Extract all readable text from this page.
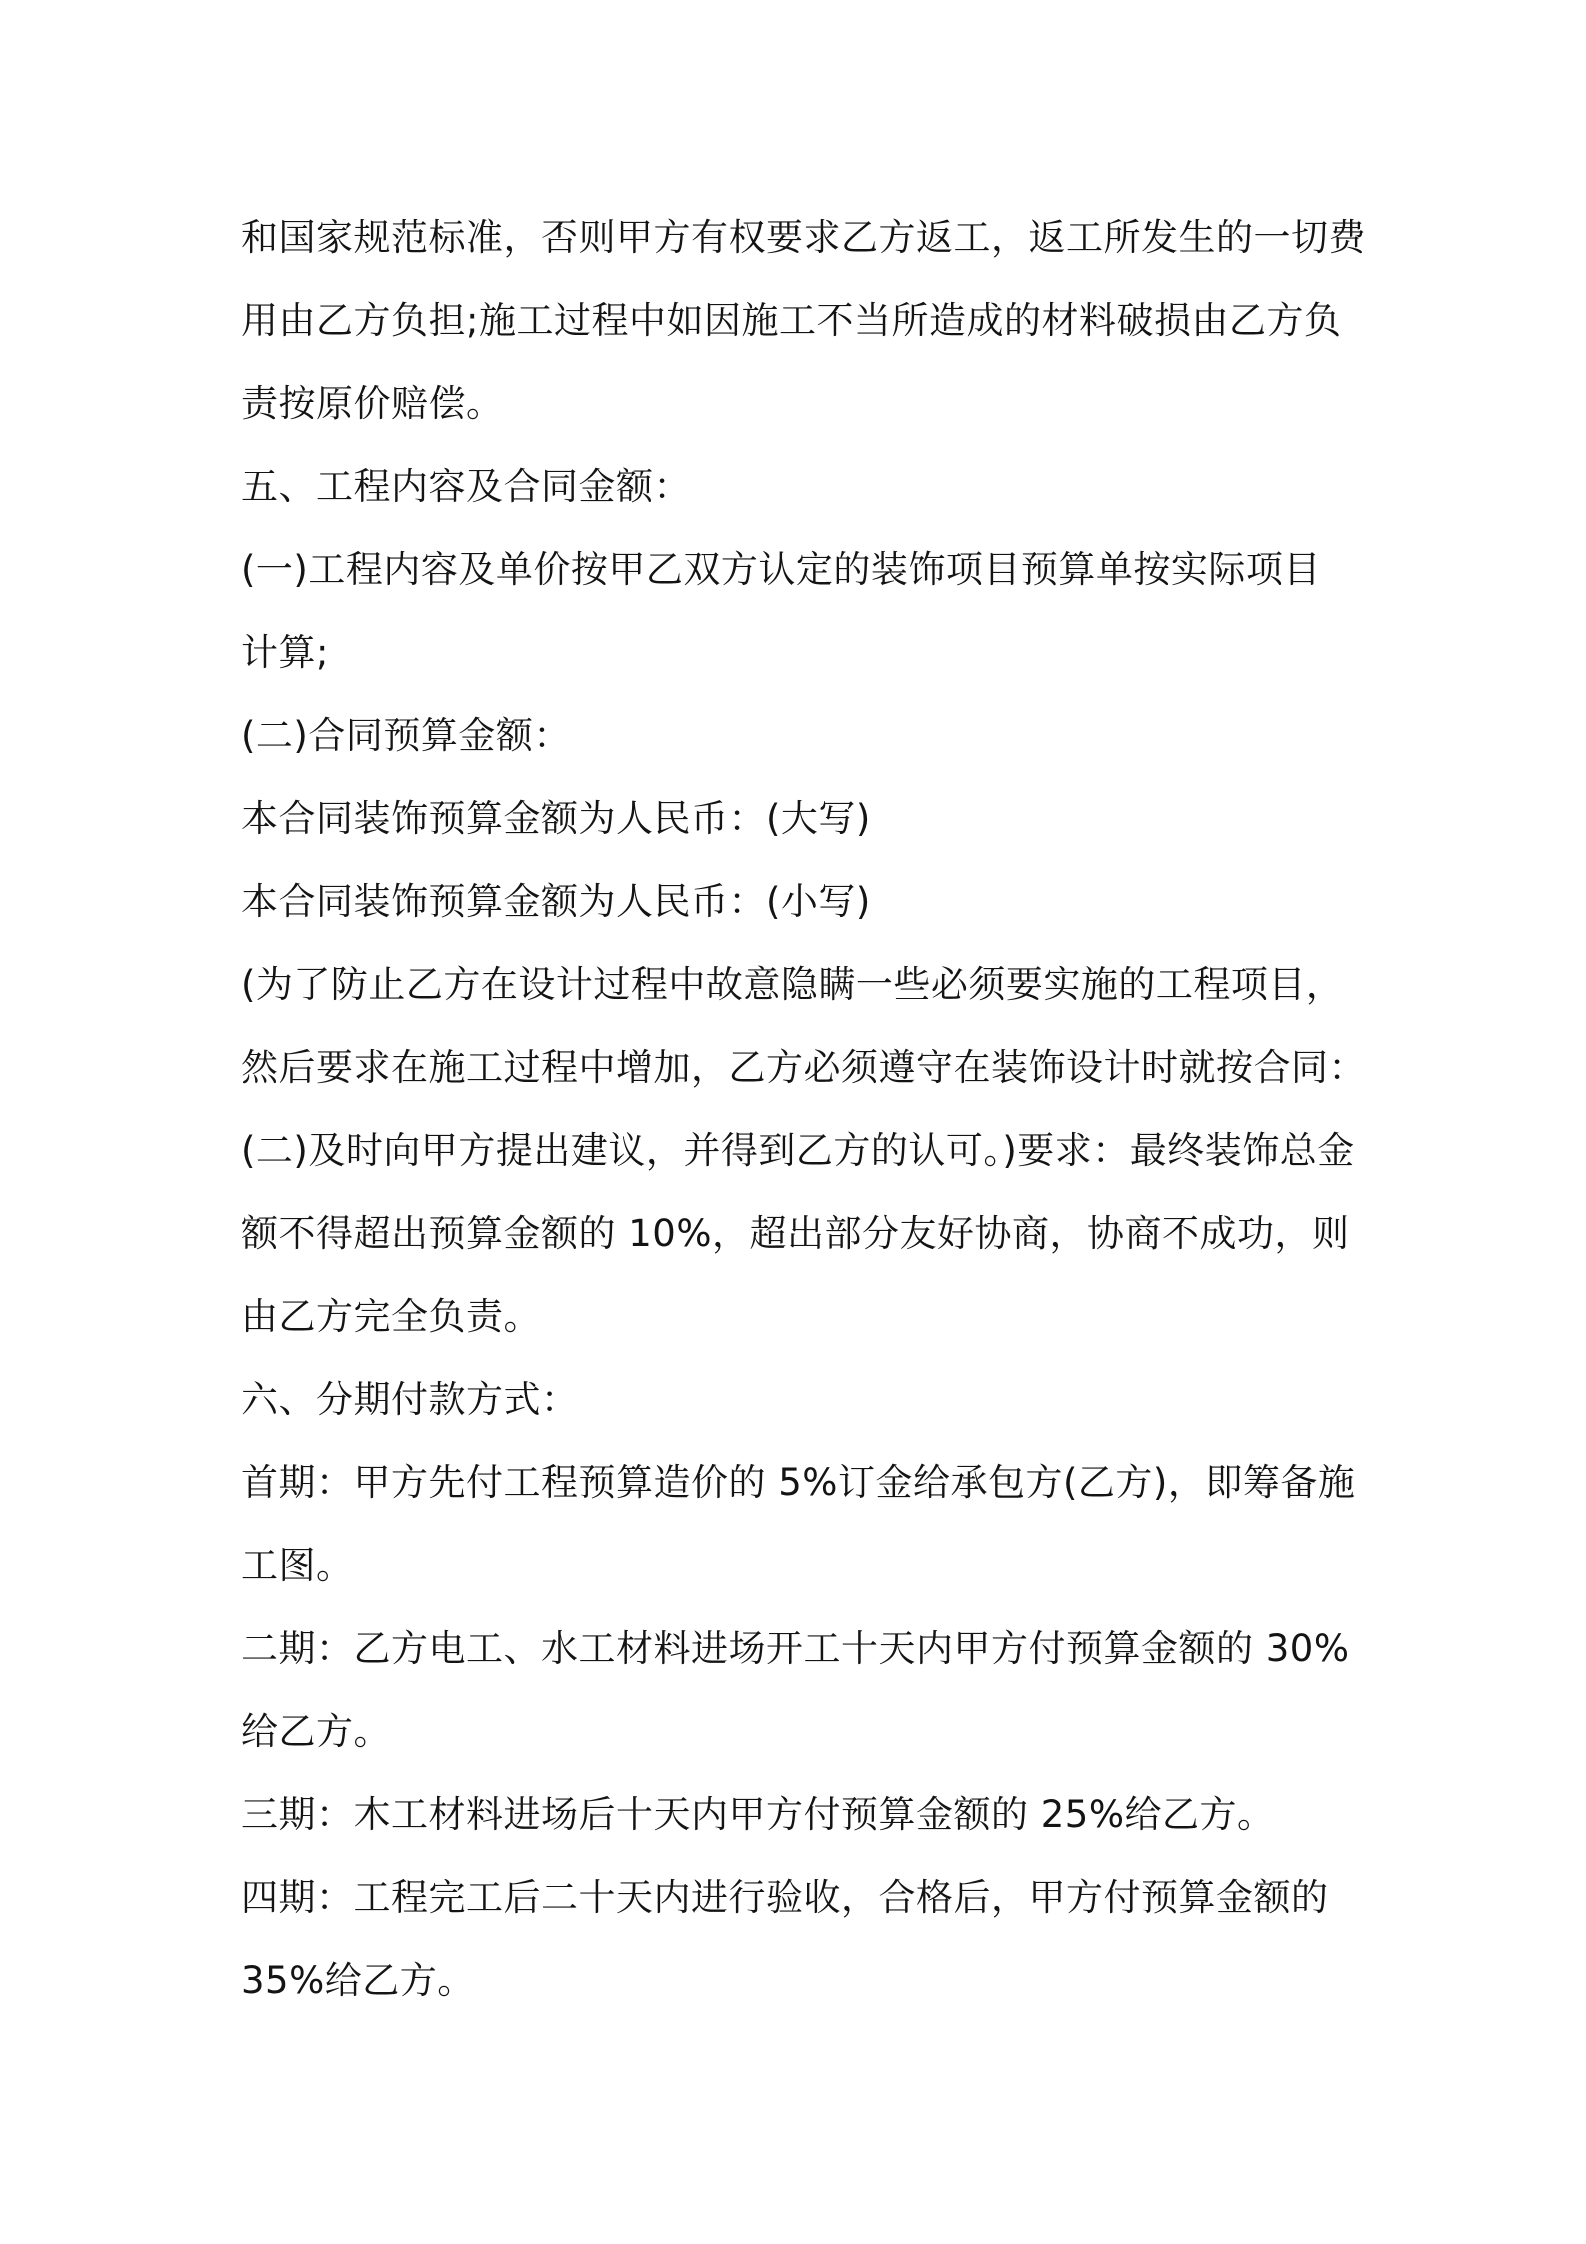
和国家规范标准，否则甲方有权要求乙方返工，返工所发生的一切费
用由乙方负担;施工过程中如因施工不当所造成的材料破损由乙方负
责按原价赔偿。
五、工程内容及合同金额：
(一)工程内容及单价按甲乙双方认定的装饰项目预算单按实际项目
计算;
(二)合同预算金额：
本合同装饰预算金额为人民币：(大写)
本合同装饰预算金额为人民币：(小写)
(为了防止乙方在设计过程中故意隐瞒一些必须要实施的工程项目，
然后要求在施工过程中增加，乙方必须遵守在装饰设计时就按合同：
(二)及时向甲方提出建议，并得到乙方的认可。)要求：最终装饰总金
额不得超出预算金额的 10%，超出部分友好协商，协商不成功，则
由乙方完全负责。
六、分期付款方式：
首期：甲方先付工程预算造价的 5%订金给承包方(乙方)，即筹备施
工图。
二期：乙方电工、水工材料进场开工十天内甲方付预算金额的 30%
给乙方。
三期：木工材料进场后十天内甲方付预算金额的 25%给乙方。
四期：工程完工后二十天内进行验收，合格后，甲方付预算金额的
35%给乙方。
